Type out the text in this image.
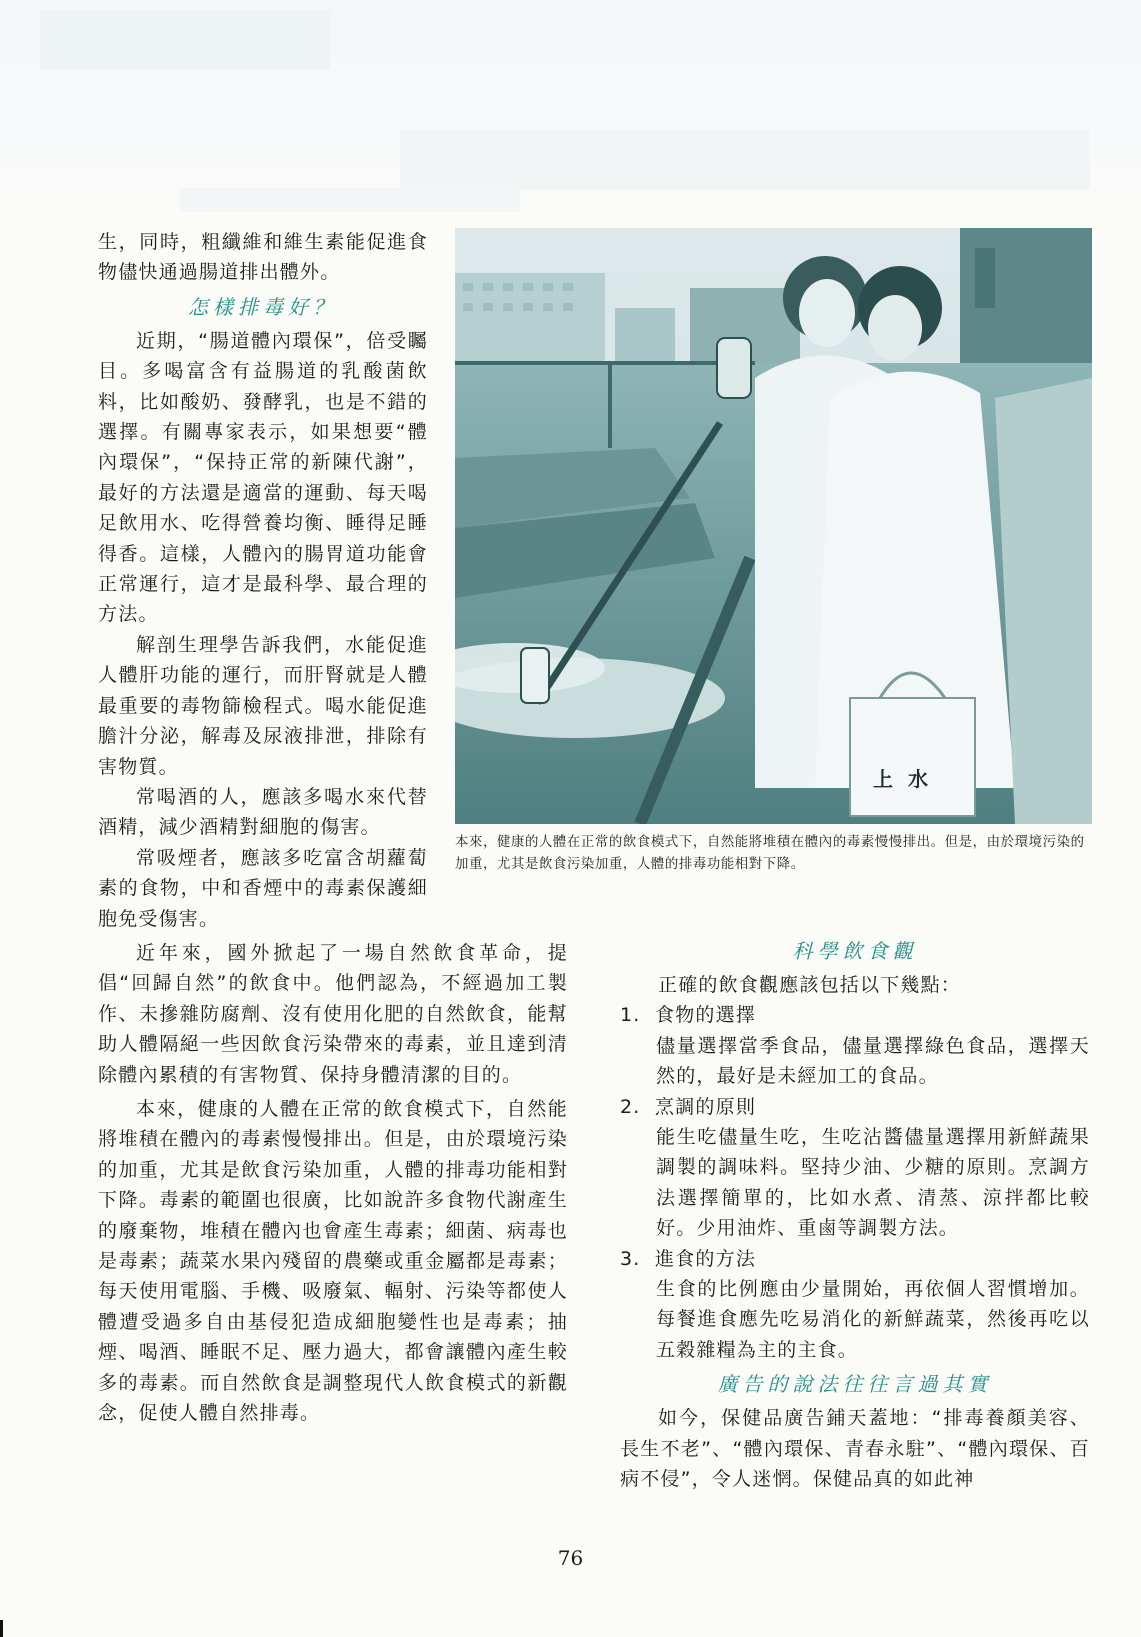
生，同時，粗纖維和維生素能促進食物儘快通過腸道排出體外。

怎樣排毒好？

近期，“腸道體內環保”，倍受矚目。多喝富含有益腸道的乳酸菌飲料，比如酸奶、發酵乳，也是不錯的選擇。有關專家表示，如果想要“體內環保”，“保持正常的新陳代謝”，最好的方法還是適當的運動、每天喝足飲用水、吃得營養均衡、睡得足睡得香。這樣，人體內的腸胃道功能會正常運行，這才是最科學、最合理的方法。

解剖生理學告訴我們，水能促進人體肝功能的運行，而肝腎就是人體最重要的毒物篩檢程式。喝水能促進膽汁分泌，解毒及尿液排泄，排除有害物質。

常喝酒的人，應該多喝水來代替酒精，減少酒精對細胞的傷害。

常吸煙者，應該多吃富含胡蘿蔔素的食物，中和香煙中的毒素保護細胞免受傷害。

上 水
本來，健康的人體在正常的飲食模式下，自然能將堆積在體內的毒素慢慢排出。但是，由於環境污染的加重，尤其是飲食污染加重，人體的排毒功能相對下降。

近年來，國外掀起了一場自然飲食革命，提倡“回歸自然”的飲食中。他們認為，不經過加工製作、未摻雜防腐劑、沒有使用化肥的自然飲食，能幫助人體隔絕一些因飲食污染帶來的毒素，並且達到清除體內累積的有害物質、保持身體清潔的目的。

本來，健康的人體在正常的飲食模式下，自然能將堆積在體內的毒素慢慢排出。但是，由於環境污染的加重，尤其是飲食污染加重，人體的排毒功能相對下降。毒素的範圍也很廣，比如說許多食物代謝產生的廢棄物，堆積在體內也會產生毒素；細菌、病毒也是毒素；蔬菜水果內殘留的農藥或重金屬都是毒素；每天使用電腦、手機、吸廢氣、輻射、污染等都使人體遭受過多自由基侵犯造成細胞變性也是毒素；抽煙、喝酒、睡眠不足、壓力過大，都會讓體內產生較多的毒素。而自然飲食是調整現代人飲食模式的新觀念，促使人體自然排毒。

科學飲食觀

正確的飲食觀應該包括以下幾點：

1. 食物的選擇
儘量選擇當季食品，儘量選擇綠色食品，選擇天然的，最好是未經加工的食品。
2. 烹調的原則
能生吃儘量生吃，生吃沾醬儘量選擇用新鮮蔬果調製的調味料。堅持少油、少糖的原則。烹調方法選擇簡單的，比如水煮、清蒸、涼拌都比較好。少用油炸、重鹵等調製方法。
3. 進食的方法
生食的比例應由少量開始，再依個人習慣增加。每餐進食應先吃易消化的新鮮蔬菜，然後再吃以五穀雜糧為主的主食。
廣告的說法往往言過其實

如今，保健品廣告鋪天蓋地：“排毒養顏美容、長生不老”、“體內環保、青春永駐”、“體內環保、百病不侵”，令人迷惘。保健品真的如此神

76
